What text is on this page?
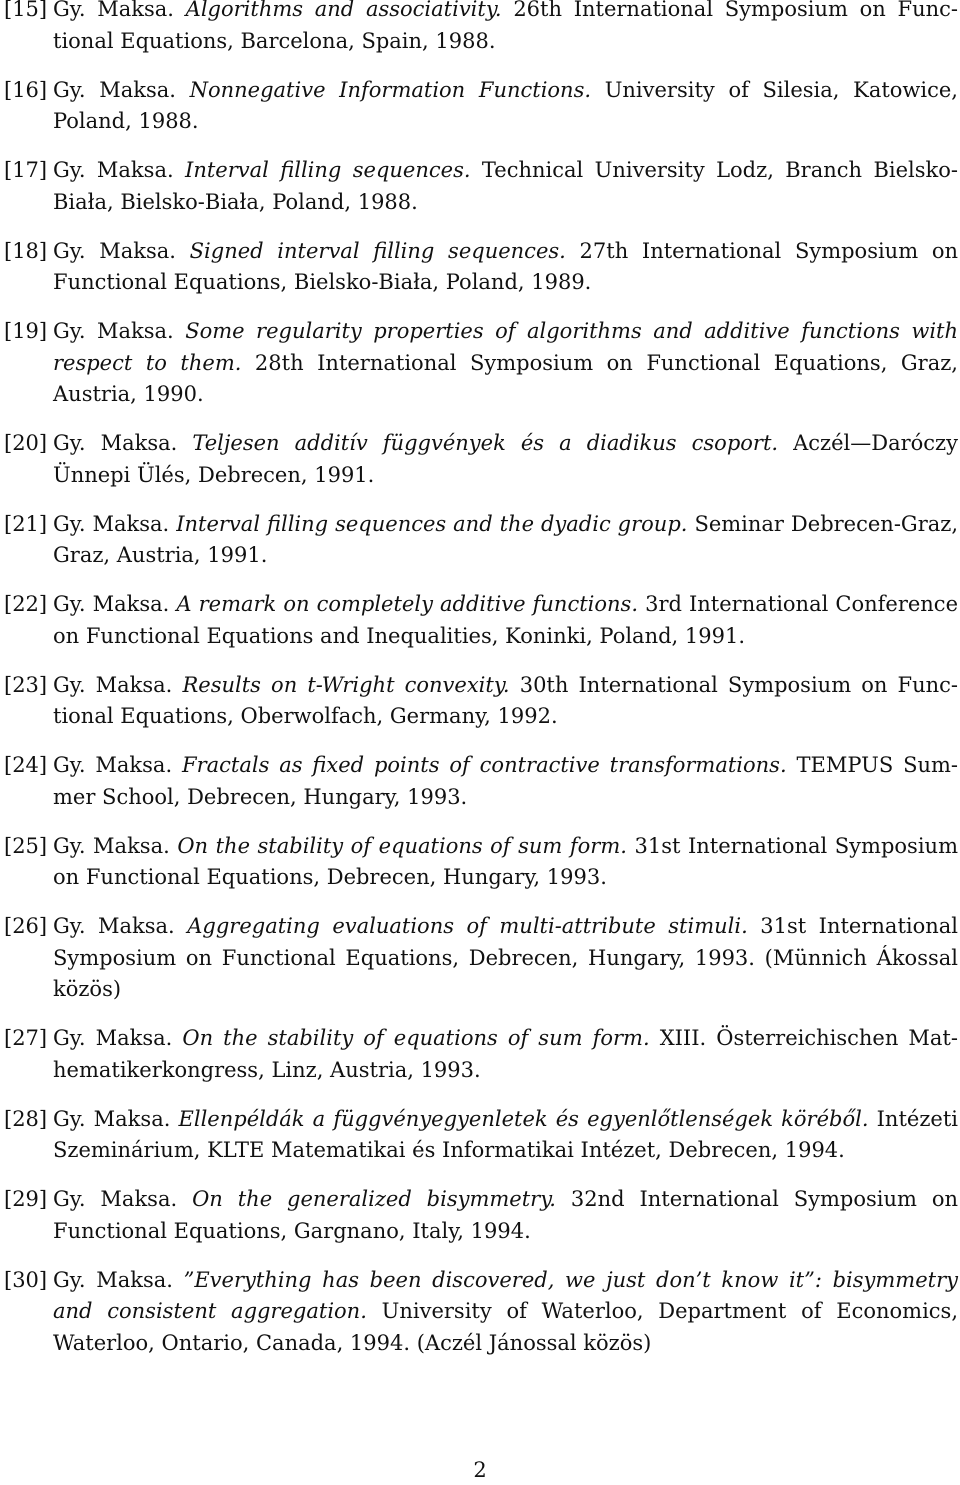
[15] Gy. Maksa. Algorithms and associativity. 26th International Symposium on Functional Equations, Barcelona, Spain, 1988.
[16] Gy. Maksa. Nonnegative Information Functions. University of Silesia, Katowice, Poland, 1988.
[17] Gy. Maksa. Interval filling sequences. Technical University Lodz, Branch Bielsko-Biała, Bielsko-Biała, Poland, 1988.
[18] Gy. Maksa. Signed interval filling sequences. 27th International Symposium on Functional Equations, Bielsko-Biała, Poland, 1989.
[19] Gy. Maksa. Some regularity properties of algorithms and additive functions with respect to them. 28th International Symposium on Functional Equations, Graz, Austria, 1990.
[20] Gy. Maksa. Teljesen additív függvények és a diadikus csoport. Aczél—Daróczy Ünnepi Ülés, Debrecen, 1991.
[21] Gy. Maksa. Interval filling sequences and the dyadic group. Seminar Debrecen-Graz, Graz, Austria, 1991.
[22] Gy. Maksa. A remark on completely additive functions. 3rd International Conference on Functional Equations and Inequalities, Koninki, Poland, 1991.
[23] Gy. Maksa. Results on t-Wright convexity. 30th International Symposium on Functional Equations, Oberwolfach, Germany, 1992.
[24] Gy. Maksa. Fractals as fixed points of contractive transformations. TEMPUS Summer School, Debrecen, Hungary, 1993.
[25] Gy. Maksa. On the stability of equations of sum form. 31st International Symposium on Functional Equations, Debrecen, Hungary, 1993.
[26] Gy. Maksa. Aggregating evaluations of multi-attribute stimuli. 31st International Symposium on Functional Equations, Debrecen, Hungary, 1993. (Münnich Ákossal közös)
[27] Gy. Maksa. On the stability of equations of sum form. XIII. Österreichischen Mathematikerkongress, Linz, Austria, 1993.
[28] Gy. Maksa. Ellenpéldák a függvényegyenletek és egyenlőtlenségek köréből. Intézeti Szeminárium, KLTE Matematikai és Informatikai Intézet, Debrecen, 1994.
[29] Gy. Maksa. On the generalized bisymmetry. 32nd International Symposium on Functional Equations, Gargnano, Italy, 1994.
[30] Gy. Maksa. ”Everything has been discovered, we just don’t know it”: bisymmetry and consistent aggregation. University of Waterloo, Department of Economics, Waterloo, Ontario, Canada, 1994. (Aczél Jánossal közös)
2
